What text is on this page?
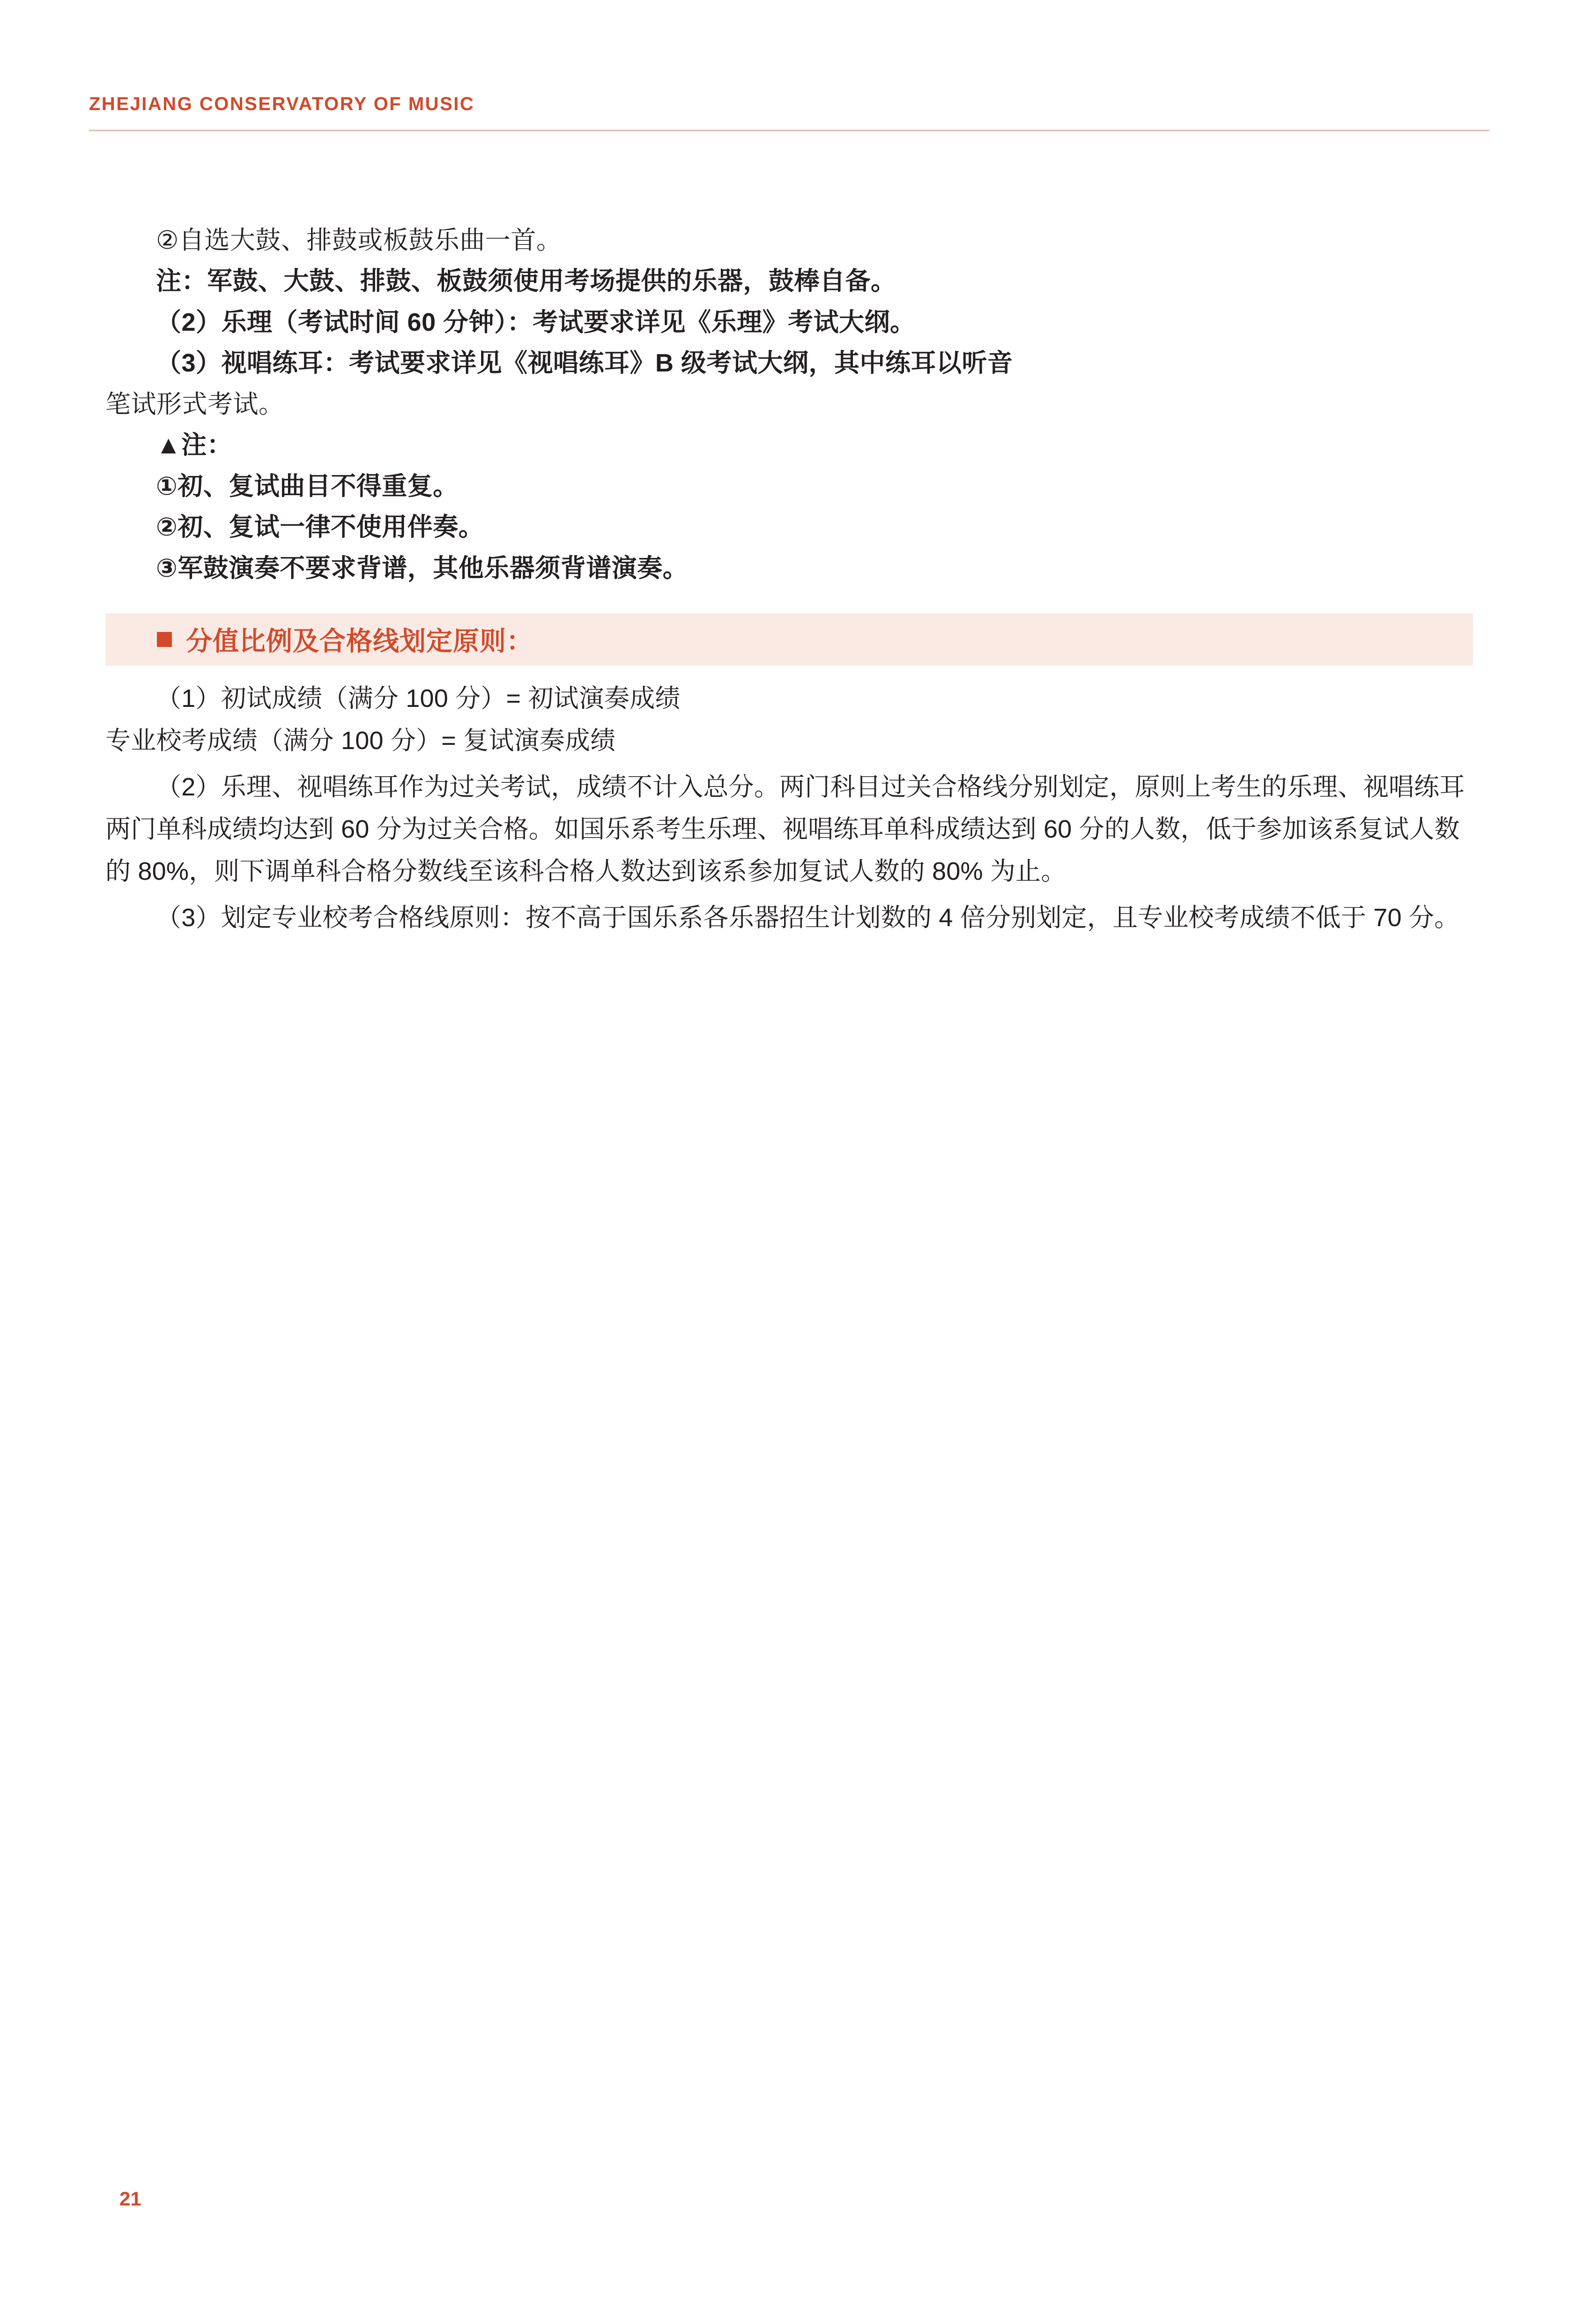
ZHEJIANG CONSERVATORY OF MUSIC
②自选大鼓、排鼓或板鼓乐曲一首。
注：军鼓、大鼓、排鼓、板鼓须使用考场提供的乐器，鼓棒自备。
（2）乐理（考试时间 60 分钟）：考试要求详见《乐理》考试大纲。
（3）视唱练耳：考试要求详见《视唱练耳》B 级考试大纲，其中练耳以听音
笔试形式考试。
▲注：
①初、复试曲目不得重复。
②初、复试一律不使用伴奏。
③军鼓演奏不要求背谱，其他乐器须背谱演奏。
分值比例及合格线划定原则：
（1）初试成绩（满分 100 分）= 初试演奏成绩
专业校考成绩（满分 100 分）= 复试演奏成绩
（2）乐理、视唱练耳作为过关考试，成绩不计入总分。两门科目过关合格线分别划定，原则上考生的乐理、视唱练耳两门单科成绩均达到 60 分为过关合格。如国乐系考生乐理、视唱练耳单科成绩达到 60 分的人数，低于参加该系复试人数的 80%，则下调单科合格分数线至该科合格人数达到该系参加复试人数的 80% 为止。
（3）划定专业校考合格线原则：按不高于国乐系各乐器招生计划数的 4 倍分别划定，且专业校考成绩不低于 70 分。
21
